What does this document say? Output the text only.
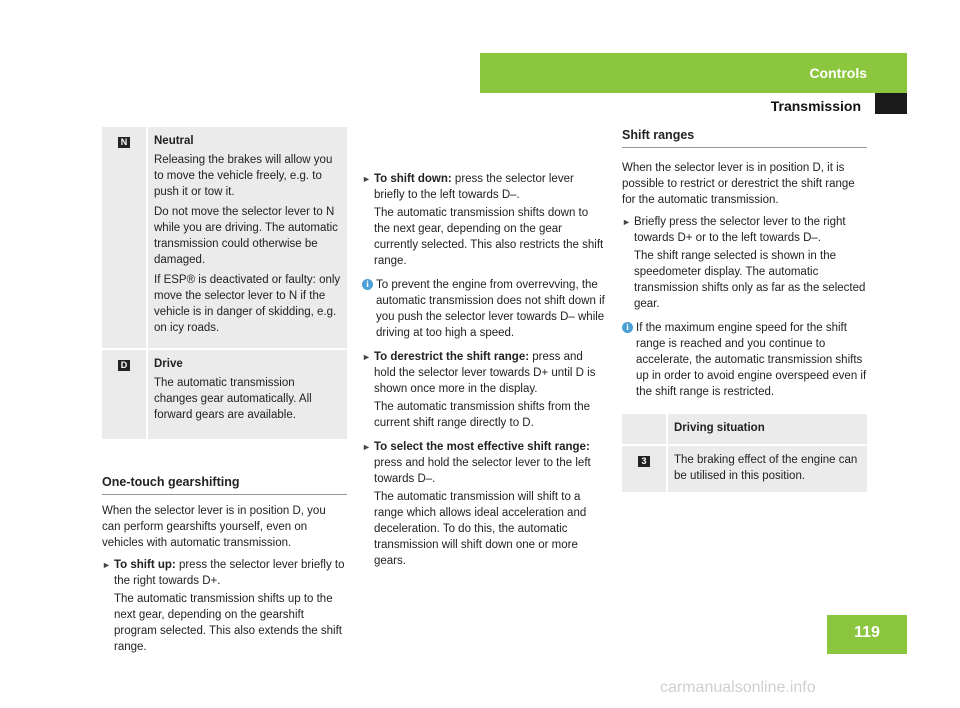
Controls
Transmission
119
N Neutral
Releasing the brakes will allow you to move the vehicle freely, e.g. to push it or tow it.
Do not move the selector lever to N while you are driving. The automatic transmission could otherwise be damaged.
If ESP® is deactivated or faulty: only move the selector lever to N if the vehicle is in danger of skidding, e.g. on icy roads.
D Drive
The automatic transmission changes gear automatically. All forward gears are available.
One-touch gearshifting

When the selector lever is in position D, you can perform gearshifts yourself, even on vehicles with automatic transmission.

► To shift up: press the selector lever briefly to the right towards D+.
The automatic transmission shifts up to the next gear, depending on the gearshift program selected. This also extends the shift range.
► To shift down: press the selector lever briefly to the left towards D–.
The automatic transmission shifts down to the next gear, depending on the gear currently selected. This also restricts the shift range.
i To prevent the engine from overrevving, the automatic transmission does not shift down if you push the selector lever towards D– while driving at too high a speed.
► To derestrict the shift range: press and hold the selector lever towards D+ until D is shown once more in the display.
The automatic transmission shifts from the current shift range directly to D.
► To select the most effective shift range: press and hold the selector lever to the left towards D–.
The automatic transmission will shift to a range which allows ideal acceleration and deceleration. To do this, the automatic transmission will shift down one or more gears.
Shift ranges

When the selector lever is in position D, it is possible to restrict or derestrict the shift range for the automatic transmission.

► Briefly press the selector lever to the right towards D+ or to the left towards D–.
The shift range selected is shown in the speedometer display. The automatic transmission shifts only as far as the selected gear.
i If the maximum engine speed for the shift range is reached and you continue to accelerate, the automatic transmission shifts up in order to avoid engine overspeed even if the shift range is restricted.
Driving situation
3	The braking effect of the engine can be utilised in this position.
carmanualsonline.info
